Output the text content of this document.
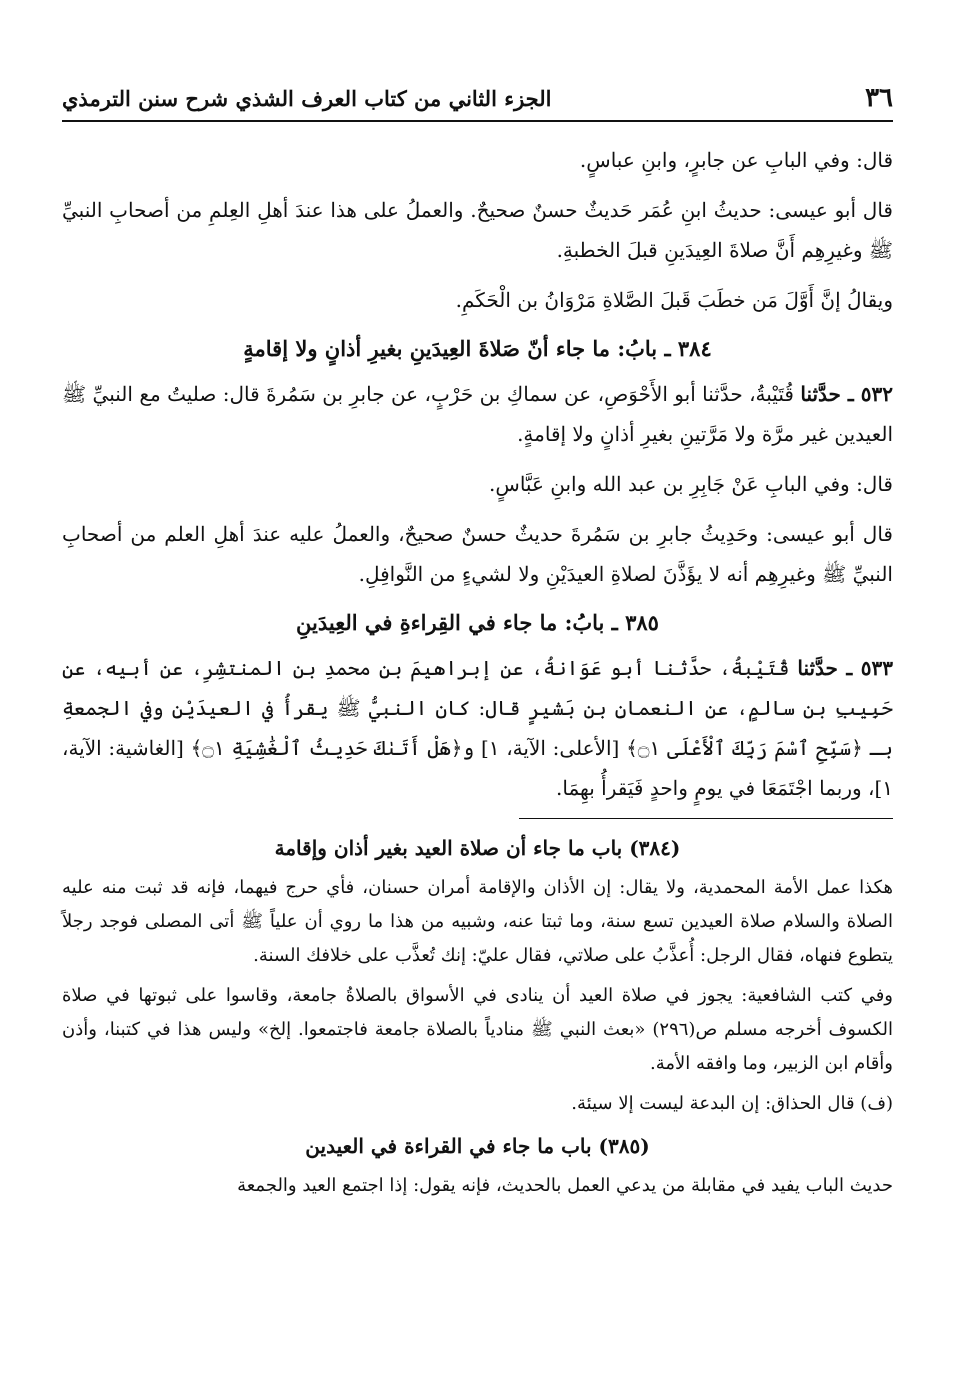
٣٦
الجزء الثاني من كتاب العرف الشذي شرح سنن الترمذي

قال: وفي البابِ عن جابرٍ، وابنِ عباسٍ.

قال أبو عيسى: حديثُ ابنِ عُمَر حَديثٌ حسنٌ صحيحٌ. والعملُ على هذا عندَ أهلِ العِلمِ من أصحابِ النبيِّ ﷺ وغيرِهِم أَنَّ صلاةَ العِيدَينِ قبلَ الخطبةِ.

ويقالُ إنَّ أَوَّلَ مَن خطَبَ قَبلَ الصَّلاةِ مَرْوَانُ بن الْحَكَمِ.

٣٨٤ ـ بابُ: ما جاء أنّ صَلاةَ العِيدَينِ بغيرِ أذانٍ ولا إقامةٍ

٥٣٢ ـ حدَّثنا قُتَيْبةُ، حدَّثنا أبو الأَحْوَصِ، عن سماكِ بن حَرْبٍ، عن جابرِ بن سَمُرةَ قال: صليتُ مع النبيِّ ﷺ العيدين غير مرَّة ولا مَرَّتينِ بغيرِ أذانٍ ولا إقامةٍ.

قال: وفي البابِ عَنْ جَابِرِ بن عبد الله وابنِ عَبَّاسٍ.

قال أبو عيسى: وحَدِيثُ جابرِ بن سَمُرةَ حديثٌ حسنٌ صحيحٌ، والعملُ عليه عندَ أهلِ العلم من أصحابِ النبيِّ ﷺ وغيرِهِم أنه لا يؤَذَّنَ لصلاةِ العيدَيْنِ ولا لشيءٍ من النَّوافِلِ.

٣٨٥ ـ بابُ: ما جاء في القِراءةِ في العِيدَينِ

٥٣٣ ـ حدَّثنا قُتَيْبةُ، حدَّثنا أبو عَوَانةُ، عن إبراهيمَ بن محمدِ بن المنتشِرِ، عن أبيه، عن حَبِيبِ بن سالمٍ، عن النعمانِ بن بَشيرٍ قال: كان النبيُّ ﷺ يقرأُ في العيدَيْنِ وفي الجمعةِ بـ ﴿سَبِّحِ ٱسْمَ رَبِّكَ ٱلْأَعْلَى ۝١﴾ [الأعلى: الآية، ١] و﴿هَلْ أَتَىٰكَ حَدِيثُ ٱلْغَٰشِيَةِ ۝١﴾ [الغاشية: الآية، ١]، وربما اجْتَمَعَا في يومٍ واحدٍ فَيَقرأُ بهِمَا.

(٣٨٤) باب ما جاء أن صلاة العيد بغير أذان وإقامة

هكذا عمل الأمة المحمدية، ولا يقال: إن الأذان والإقامة أمران حسنان، فأي حرج فيهما، فإنه قد ثبت منه عليه الصلاة والسلام صلاة العيدين تسع سنة، وما ثبتا عنه، وشبيه من هذا ما روي أن علياً ﷺ أتى المصلى فوجد رجلاً يتطوع فنهاه، فقال الرجل: أُعذَّبُ على صلاتي، فقال عليّ: إنك تُعذَّب على خلافك السنة.

وفي كتب الشافعية: يجوز في صلاة العيد أن ينادى في الأسواق بالصلاةُ جامعة، وقاسوا على ثبوتها في صلاة الكسوف أخرجه مسلم ص(٢٩٦) «بعث النبي ﷺ منادياً بالصلاة جامعة فاجتمعوا. إلخ» وليس هذا في كتبنا، وأذن وأقام ابن الزبير، وما وافقه الأمة.

(ف) قال الحذاق: إن البدعة ليست إلا سيئة.

(٣٨٥) باب ما جاء في القراءة في العيدين

حديث الباب يفيد في مقابلة من يدعي العمل بالحديث، فإنه يقول: إذا اجتمع العيد والجمعة
